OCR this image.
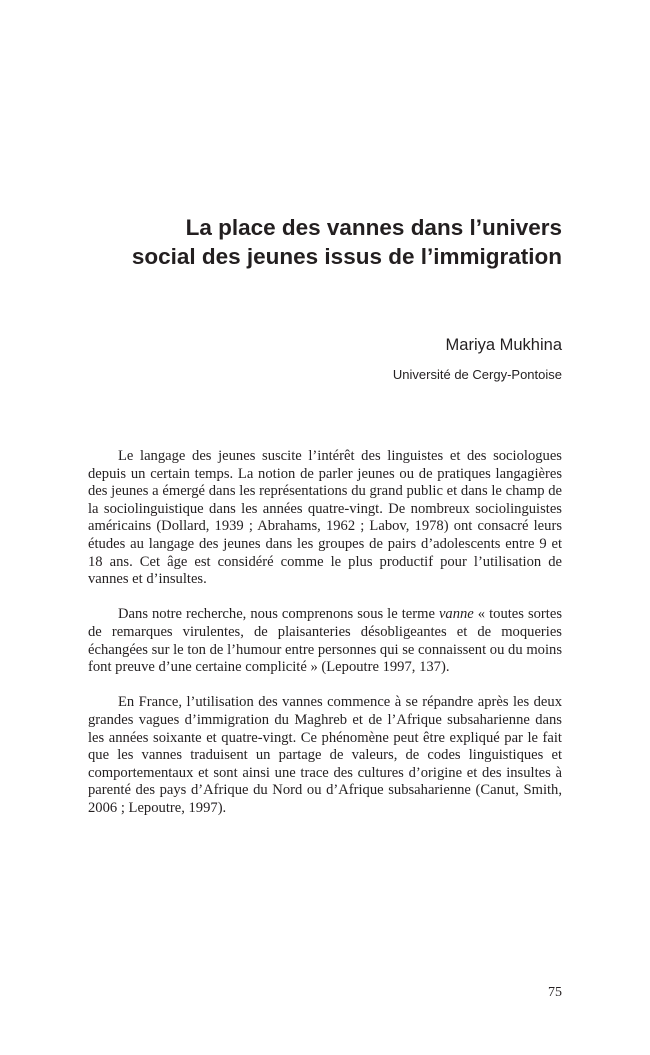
La place des vannes dans l’univers
social des jeunes issus de l’immigration
Mariya Mukhina
Université de Cergy-Pontoise

Le langage des jeunes suscite l’intérêt des linguistes et des sociologues depuis un certain temps. La notion de parler jeunes ou de pratiques langagières des jeunes a émergé dans les représentations du grand public et dans le champ de la sociolinguistique dans les années quatre-vingt. De nombreux sociolinguistes américains (Dollard, 1939 ; Abrahams, 1962 ; Labov, 1978) ont consacré leurs études au langage des jeunes dans les groupes de pairs d’adolescents entre 9 et 18 ans. Cet âge est considéré comme le plus productif pour l’utilisation de vannes et d’insultes.

Dans notre recherche, nous comprenons sous le terme vanne « toutes sortes de remarques virulentes, de plaisanteries désobligeantes et de moqueries échangées sur le ton de l’humour entre personnes qui se connaissent ou du moins font preuve d’une certaine complicité » (Lepoutre 1997, 137).

En France, l’utilisation des vannes commence à se répandre après les deux grandes vagues d’immigration du Maghreb et de l’Afrique subsaharienne dans les années soixante et quatre-vingt. Ce phénomène peut être expliqué par le fait que les vannes traduisent un partage de valeurs, de codes linguistiques et comportementaux et sont ainsi une trace des cultures d’origine et des insultes à parenté des pays d’Afrique du Nord ou d’Afrique subsaharienne (Canut, Smith, 2006 ; Lepoutre, 1997).

75
